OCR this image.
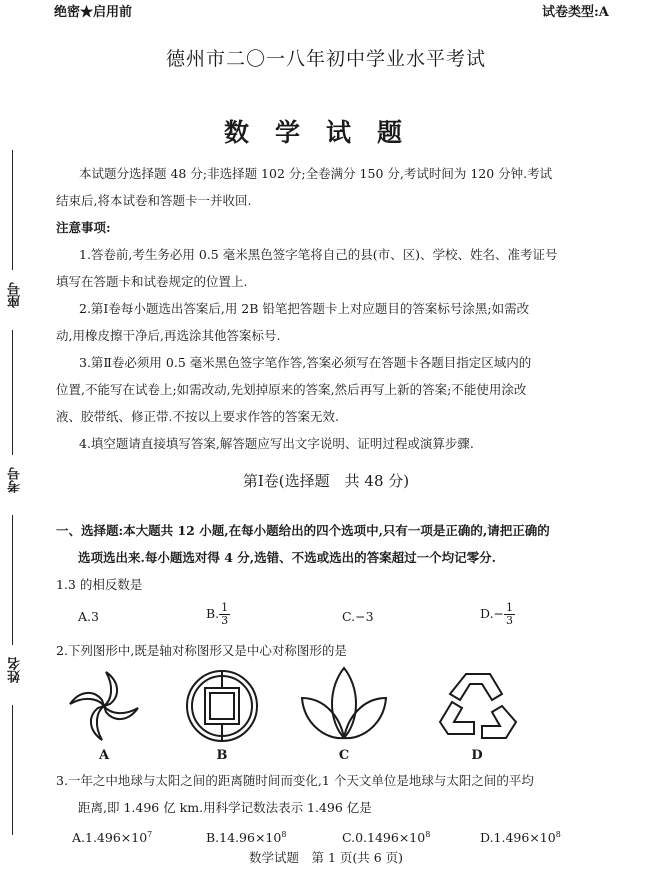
绝密★启用前	试卷类型:A
德州市二〇一八年初中学业水平考试
数学试题
座号
考号
姓名
本试题分选择题 48 分;非选择题 102 分;全卷满分 150 分,考试时间为 120 分钟.考试
结束后,将本试卷和答题卡一并收回.
注意事项:
1.答卷前,考生务必用 0.5 毫米黑色签字笔将自己的县(市、区)、学校、姓名、准考证号
填写在答题卡和试卷规定的位置上.
2.第Ⅰ卷每小题选出答案后,用 2B 铅笔把答题卡上对应题目的答案标号涂黑;如需改
动,用橡皮擦干净后,再选涂其他答案标号.
3.第Ⅱ卷必须用 0.5 毫米黑色签字笔作答,答案必须写在答题卡各题目指定区域内的
位置,不能写在试卷上;如需改动,先划掉原来的答案,然后再写上新的答案;不能使用涂改
液、胶带纸、修正带.不按以上要求作答的答案无效.
4.填空题请直接填写答案,解答题应写出文字说明、证明过程或演算步骤.
第Ⅰ卷(选择题　共 48 分)
一、选择题:本大题共 12 小题,在每小题给出的四个选项中,只有一项是正确的,请把正确的
选项选出来.每小题选对得 4 分,选错、不选或选出的答案超过一个均记零分.
1.3 的相反数是
A.3	B. $\frac{1}{3}$	C.−3	$D.- \frac{1}{3}$
2.下列图形中,既是轴对称图形又是中心对称图形的是
A	B	C	D
3.一年之中地球与太阳之间的距离随时间而变化,1 个天文单位是地球与太阳之间的平均
距离,即 1.496 亿 km.用科学记数法表示 1.496 亿是
$A.1.496\times 10^7$	$B.14.96\times 10^8$	$C.0.1496\times 10^8$	$D.1.496\times 10^8$
数学试题　第 1 页(共 6 页)
